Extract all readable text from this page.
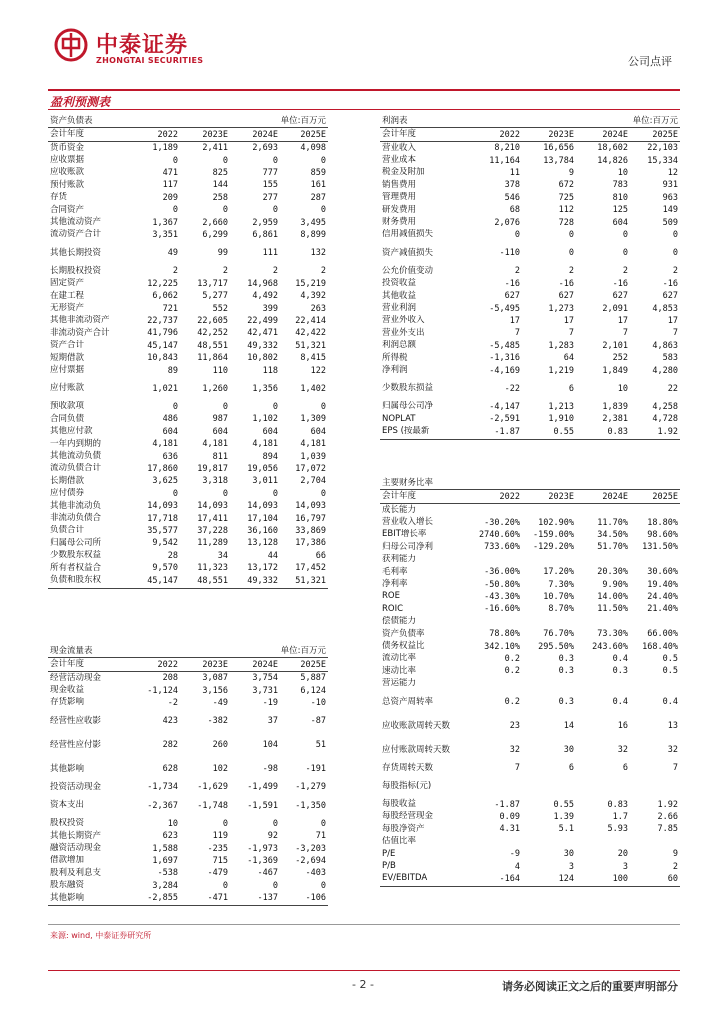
中泰证券
ZHONGTAI SECURITIES	公司点评
盈利预测表
资产负债表	单位:百万元
会计年度	2022	2023E	2024E	2025E
货币资金	1,189	2,411	2,693	4,098
应收票据	0	0	0	0
应收账款	471	825	777	859
预付账款	117	144	155	161
存货	209	258	277	287
合同资产	0	0	0	0
其他流动资产	1,367	2,660	2,959	3,495
流动资产合计	3,351	6,299	6,861	8,899
其他长期投资	49	99	111	132
长期股权投资	2	2	2	2
固定资产	12,225	13,717	14,968	15,219
在建工程	6,062	5,277	4,492	4,392
无形资产	721	552	399	263
其他非流动资产	22,737	22,605	22,499	22,414
非流动资产合计	41,796	42,252	42,471	42,422
资产合计	45,147	48,551	49,332	51,321
短期借款	10,843	11,864	10,802	8,415
应付票据	89	110	118	122
应付账款	1,021	1,260	1,356	1,402
预收款项	0	0	0	0
合同负债	486	987	1,102	1,309
其他应付款	604	604	604	604
一年内到期的	4,181	4,181	4,181	4,181
其他流动负债	636	811	894	1,039
流动负债合计	17,860	19,817	19,056	17,072
长期借款	3,625	3,318	3,011	2,704
应付债券	0	0	0	0
其他非流动负	14,093	14,093	14,093	14,093
非流动负债合	17,718	17,411	17,104	16,797
负债合计	35,577	37,228	36,160	33,869
归属母公司所	9,542	11,289	13,128	17,386
少数股东权益	28	34	44	66
所有者权益合	9,570	11,323	13,172	17,452
负债和股东权	45,147	48,551	49,332	51,321
利润表	单位:百万元
会计年度	2022	2023E	2024E	2025E
营业收入	8,210	16,656	18,602	22,103
营业成本	11,164	13,784	14,826	15,334
税金及附加	11	9	10	12
销售费用	378	672	783	931
管理费用	546	725	810	963
研发费用	68	112	125	149
财务费用	2,076	728	604	509
信用减值损失	0	0	0	0
资产减值损失	-110	0	0	0
公允价值变动	2	2	2	2
投资收益	-16	-16	-16	-16
其他收益	627	627	627	627
营业利润	-5,495	1,273	2,091	4,853
营业外收入	17	17	17	17
营业外支出	7	7	7	7
利润总额	-5,485	1,283	2,101	4,863
所得税	-1,316	64	252	583
净利润	-4,169	1,219	1,849	4,280
少数股东损益	-22	6	10	22
归属母公司净	-4,147	1,213	1,839	4,258
NOPLAT	-2,591	1,910	2,381	4,728
EPS (按最新	-1.87	0.55	0.83	1.92
主要财务比率
会计年度	2022	2023E	2024E	2025E
成长能力
营业收入增长	-30.20%	102.90%	11.70%	18.80%
EBIT增长率	2740.60%	-159.00%	34.50%	98.60%
归母公司净利	733.60%	-129.20%	51.70%	131.50%
获利能力
毛利率	-36.00%	17.20%	20.30%	30.60%
净利率	-50.80%	7.30%	9.90%	19.40%
ROE	-43.30%	10.70%	14.00%	24.40%
ROIC	-16.60%	8.70%	11.50%	21.40%
偿债能力
资产负债率	78.80%	76.70%	73.30%	66.00%
债务权益比	342.10%	295.50%	243.60%	168.40%
流动比率	0.2	0.3	0.4	0.5
速动比率	0.2	0.3	0.3	0.5
营运能力
总资产周转率	0.2	0.3	0.4	0.4
应收账款周转天数	23	14	16	13
应付账款周转天数	32	30	32	32
存货周转天数	7	6	6	7
每股指标(元)
每股收益	-1.87	0.55	0.83	1.92
每股经营现金	0.09	1.39	1.7	2.66
每股净资产	4.31	5.1	5.93	7.85
估值比率
P/E	-9	30	20	9
P/B	4	3	3	2
EV/EBITDA	-164	124	100	60
现金流量表	单位:百万元
会计年度	2022	2023E	2024E	2025E
经营活动现金	208	3,087	3,754	5,887
现金收益	-1,124	3,156	3,731	6,124
存货影响	-2	-49	-19	-10
经营性应收影	423	-382	37	-87
经营性应付影	282	260	104	51
其他影响	628	102	-98	-191
投资活动现金	-1,734	-1,629	-1,499	-1,279
资本支出	-2,367	-1,748	-1,591	-1,350
股权投资	10	0	0	0
其他长期资产	623	119	92	71
融资活动现金	1,588	-235	-1,973	-3,203
借款增加	1,697	715	-1,369	-2,694
股利及利息支	-538	-479	-467	-403
股东融资	3,284	0	0	0
其他影响	-2,855	-471	-137	-106
来源: wind, 中泰证券研究所
- 2 -	请务必阅读正文之后的重要声明部分
